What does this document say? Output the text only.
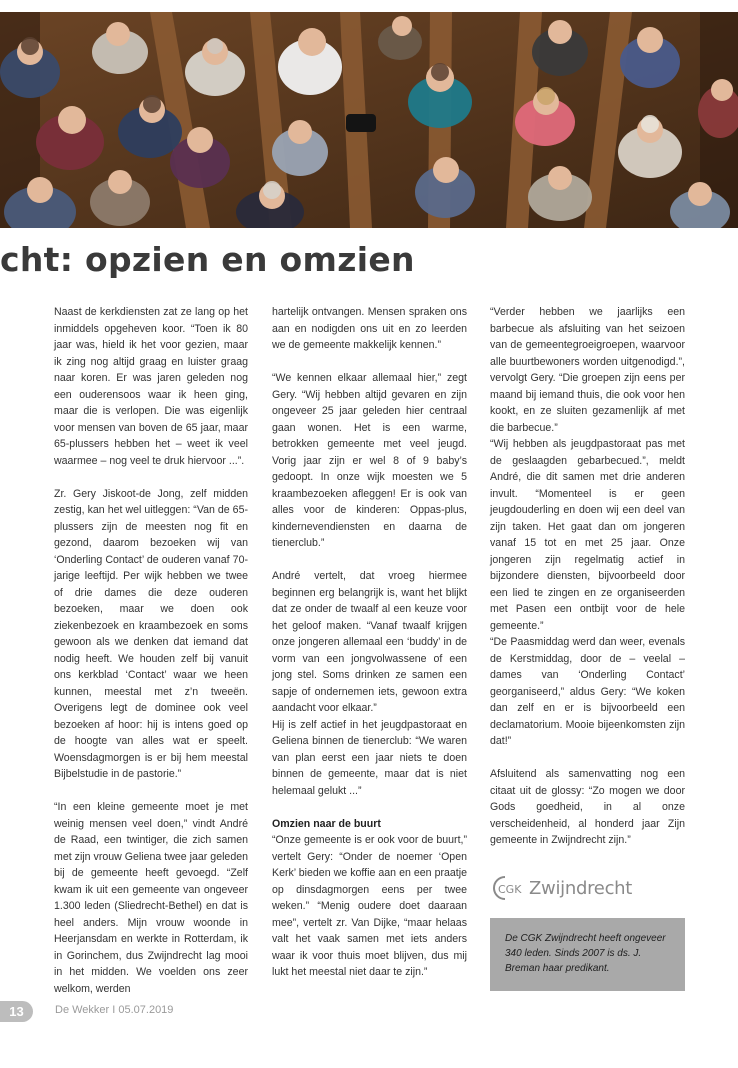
cht: opzien en omzien

Naast de kerkdiensten zat ze lang op het inmiddels opgeheven koor. “Toen ik 80 jaar was, hield ik het voor gezien, maar ik zing nog altijd graag en luister graag naar koren. Er was jaren geleden nog een ouderensoos waar ik heen ging, maar die is verlopen. Die was eigenlijk voor mensen van boven de 65 jaar, maar 65-plussers hebben het – weet ik veel waarmee – nog veel te druk hiervoor ...”.

Zr. Gery Jiskoot-de Jong, zelf midden zestig, kan het wel uitleggen: “Van de 65-plussers zijn de meesten nog fit en gezond, daarom bezoeken wij van ‘Onderling Contact’ de ouderen vanaf 70-jarige leeftijd. Per wijk hebben we twee of drie dames die deze ouderen bezoeken, maar we doen ook ziekenbezoek en kraambezoek en soms gewoon als we denken dat iemand dat nodig heeft. We houden zelf bij vanuit ons kerkblad ‘Contact’ waar we heen kunnen, meestal met z’n tweeën. Overigens legt de dominee ook veel bezoeken af hoor: hij is intens goed op de hoogte van alles wat er speelt. Woensdagmorgen is er bij hem meestal Bijbelstudie in de pastorie.”

“In een kleine gemeente moet je met weinig mensen veel doen,” vindt André de Raad, een twintiger, die zich samen met zijn vrouw Geliena twee jaar geleden bij de gemeente heeft gevoegd. “Zelf kwam ik uit een gemeente van ongeveer 1.300 leden (Sliedrecht-Bethel) en dat is heel anders. Mijn vrouw woonde in Heerjansdam en werkte in Rotterdam, ik in Gorinchem, dus Zwijndrecht lag mooi in het midden. We voelden ons zeer welkom, werden

hartelijk ontvangen. Mensen spraken ons aan en nodigden ons uit en zo leerden we de gemeente makkelijk kennen.”

“We kennen elkaar allemaal hier,” zegt Gery. “Wij hebben altijd gevaren en zijn ongeveer 25 jaar geleden hier centraal gaan wonen. Het is een warme, betrokken gemeente met veel jeugd. Vorig jaar zijn er wel 8 of 9 baby’s gedoopt. In onze wijk moesten we 5 kraambezoeken afleggen! Er is ook van alles voor de kinderen: Oppas-plus, kindernevendiensten en daarna de tienerclub.”

André vertelt, dat vroeg hiermee beginnen erg belangrijk is, want het blijkt dat ze onder de twaalf al een keuze voor het geloof maken. “Vanaf twaalf krijgen onze jongeren allemaal een ‘buddy’ in de vorm van een jongvolwassene of een jong stel. Soms drinken ze samen een sapje of ondernemen iets, gewoon extra aandacht voor elkaar.”

Hij is zelf actief in het jeugdpastoraat en Geliena binnen de tienerclub: “We waren van plan eerst een jaar niets te doen binnen de gemeente, maar dat is niet helemaal gelukt ...”

Omzien naar de buurt

“Onze gemeente is er ook voor de buurt,” vertelt Gery: “Onder de noemer ‘Open Kerk’ bieden we koffie aan en een praatje op dinsdagmorgen eens per twee weken.” “Menig oudere doet daaraan mee”, vertelt zr. Van Dijke, “maar helaas valt het vaak samen met iets anders waar ik voor thuis moet blijven, dus mij lukt het meestal niet daar te zijn.”

“Verder hebben we jaarlijks een barbecue als afsluiting van het seizoen van de gemeentegroeigroepen, waarvoor alle buurtbewoners worden uitgenodigd.”, vervolgt Gery. “Die groepen zijn eens per maand bij iemand thuis, die ook voor hen kookt, en ze sluiten gezamenlijk af met die barbecue.”

“Wij hebben als jeugdpastoraat pas met de geslaagden gebarbecued.”, meldt André, die dit samen met drie anderen invult. “Momenteel is er geen jeugdouderling en doen wij een deel van zijn taken. Het gaat dan om jongeren vanaf 15 tot en met 25 jaar. Onze jongeren zijn regelmatig actief in bijzondere diensten, bijvoorbeeld door een lied te zingen en ze organiseerden met Pasen een ontbijt voor de hele gemeente.”

“De Paasmiddag werd dan weer, evenals de Kerstmiddag, door de – veelal – dames van ‘Onderling Contact’ georganiseerd,” aldus Gery: “We koken dan zelf en er is bijvoorbeeld een declamatorium. Mooie bijeenkomsten zijn dat!”

Afsluitend als samenvatting nog een citaat uit de glossy: “Zo mogen we door Gods goedheid, in al onze verscheidenheid, al honderd jaar Zijn gemeente in Zwijndrecht zijn.”

CGK Zwijndrecht

De CGK Zwijndrecht heeft ongeveer 340 leden. Sinds 2007 is ds. J. Breman haar predikant.

13	De Wekker I 05.07.2019
